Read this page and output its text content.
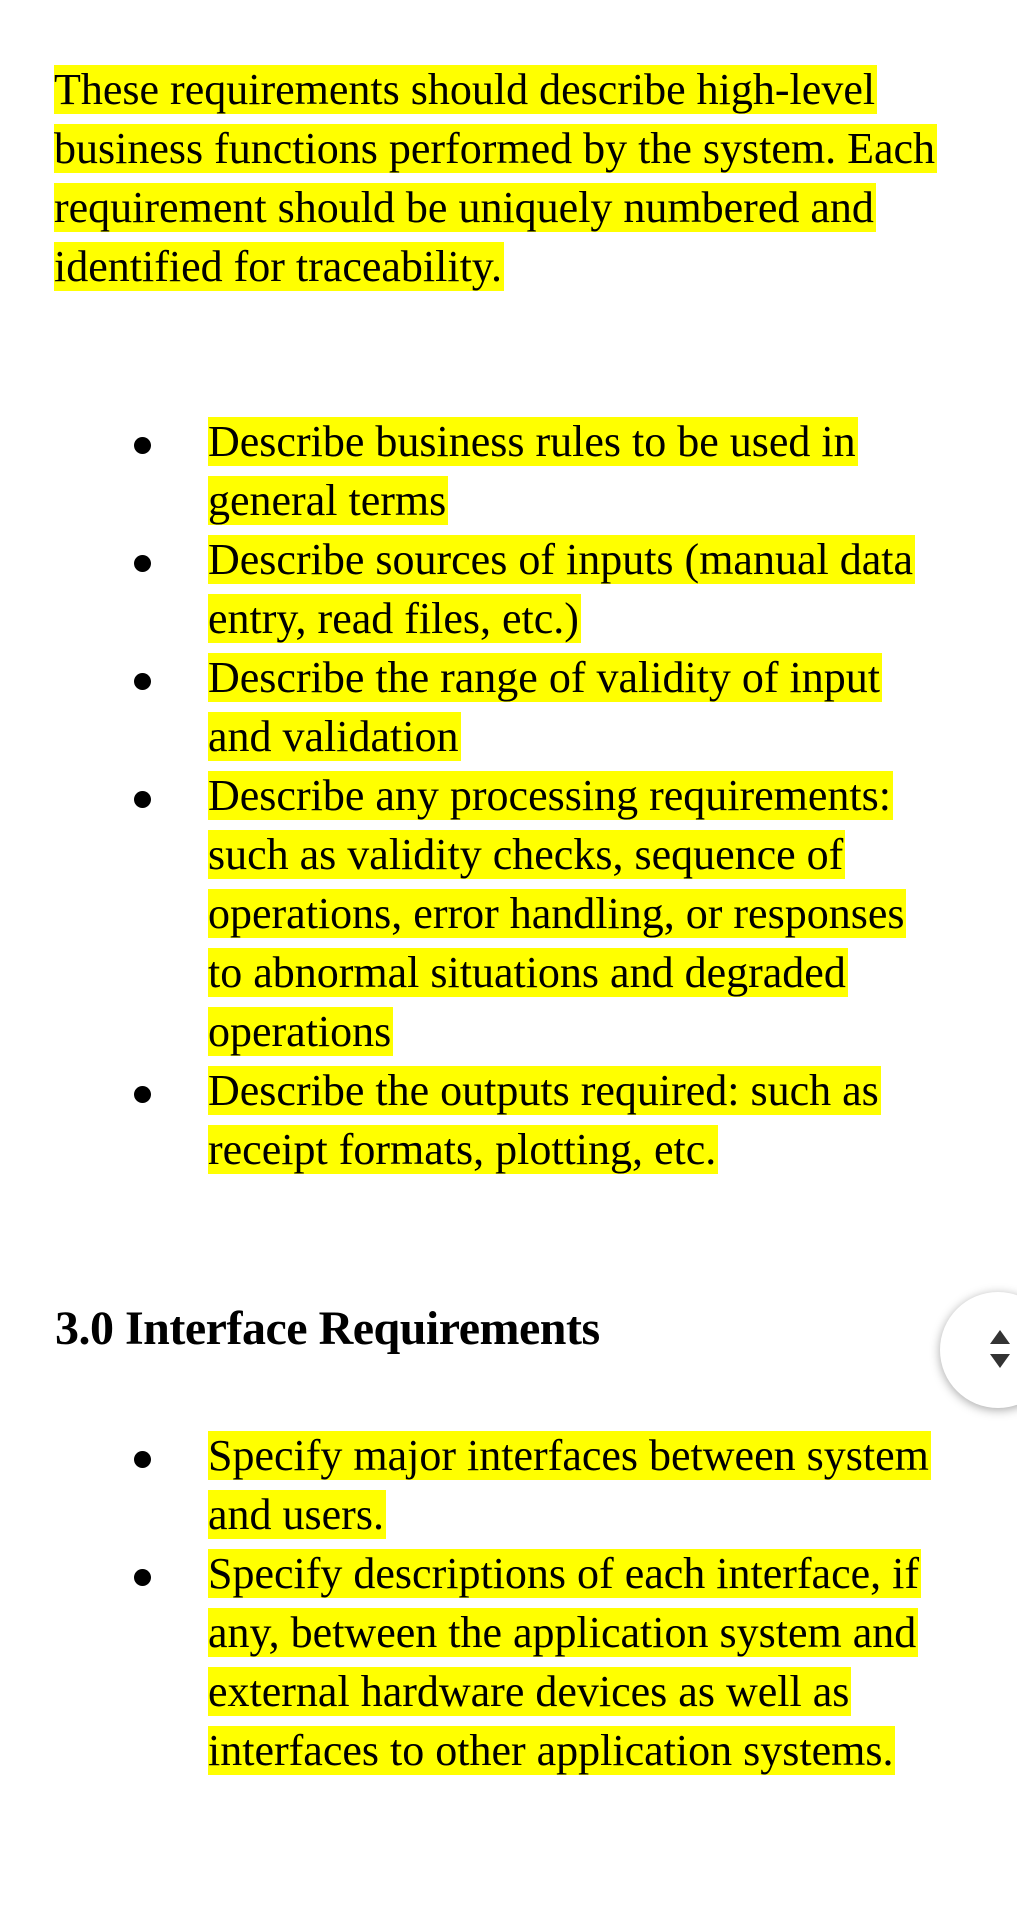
These requirements should describe high-level business functions performed by the system. Each requirement should be uniquely numbered and identified for traceability.

Describe business rules to be used in general terms
Describe sources of inputs (manual data entry, read files, etc.)
Describe the range of validity of input and validation
Describe any processing requirements: such as validity checks, sequence of operations, error handling, or responses to abnormal situations and degraded operations
Describe the outputs required: such as receipt formats, plotting, etc.
3.0 Interface Requirements
Specify major interfaces between system and users.
Specify descriptions of each interface, if any, between the application system and external hardware devices as well as interfaces to other application systems.
